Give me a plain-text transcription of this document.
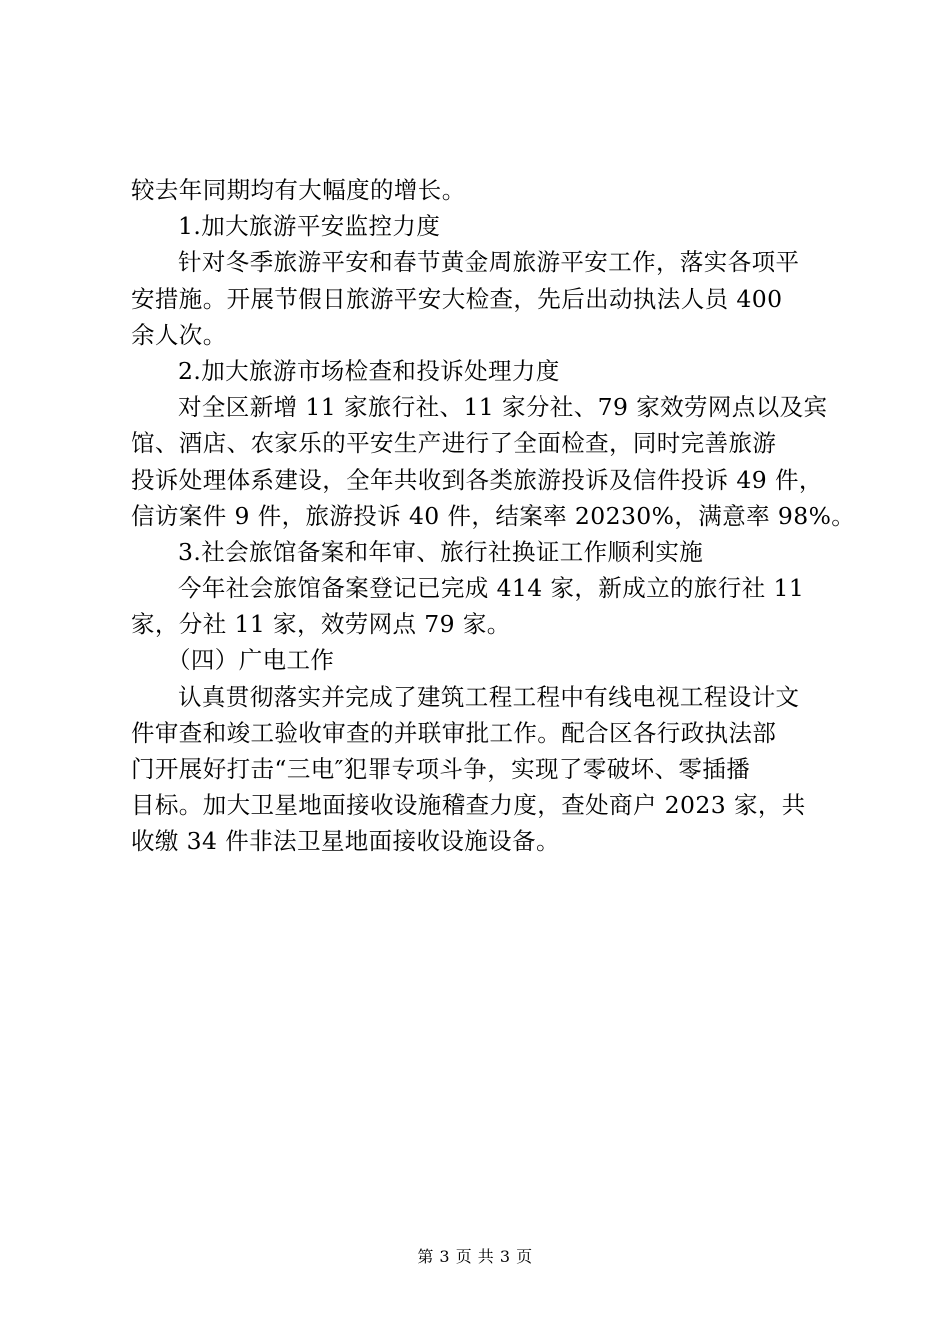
较去年同期均有大幅度的增长。
1.加大旅游平安监控力度
针对冬季旅游平安和春节黄金周旅游平安工作，落实各项平
安措施。开展节假日旅游平安大检查，先后出动执法人员 400
余人次。
2.加大旅游市场检查和投诉处理力度
对全区新增 11 家旅行社、11 家分社、79 家效劳网点以及宾
馆、酒店、农家乐的平安生产进行了全面检查，同时完善旅游
投诉处理体系建设，全年共收到各类旅游投诉及信件投诉 49 件，
信访案件 9 件，旅游投诉 40 件，结案率 20230%，满意率 98%。
3.社会旅馆备案和年审、旅行社换证工作顺利实施
今年社会旅馆备案登记已完成 414 家，新成立的旅行社 11
家，分社 11 家，效劳网点 79 家。
（四）广电工作
认真贯彻落实并完成了建筑工程工程中有线电视工程设计文
件审查和竣工验收审查的并联审批工作。配合区各行政执法部
门开展好打击“三电″犯罪专项斗争，实现了零破坏、零插播
目标。加大卫星地面接收设施稽查力度，查处商户 2023 家，共
收缴 34 件非法卫星地面接收设施设备。
第 3 页 共 3 页
